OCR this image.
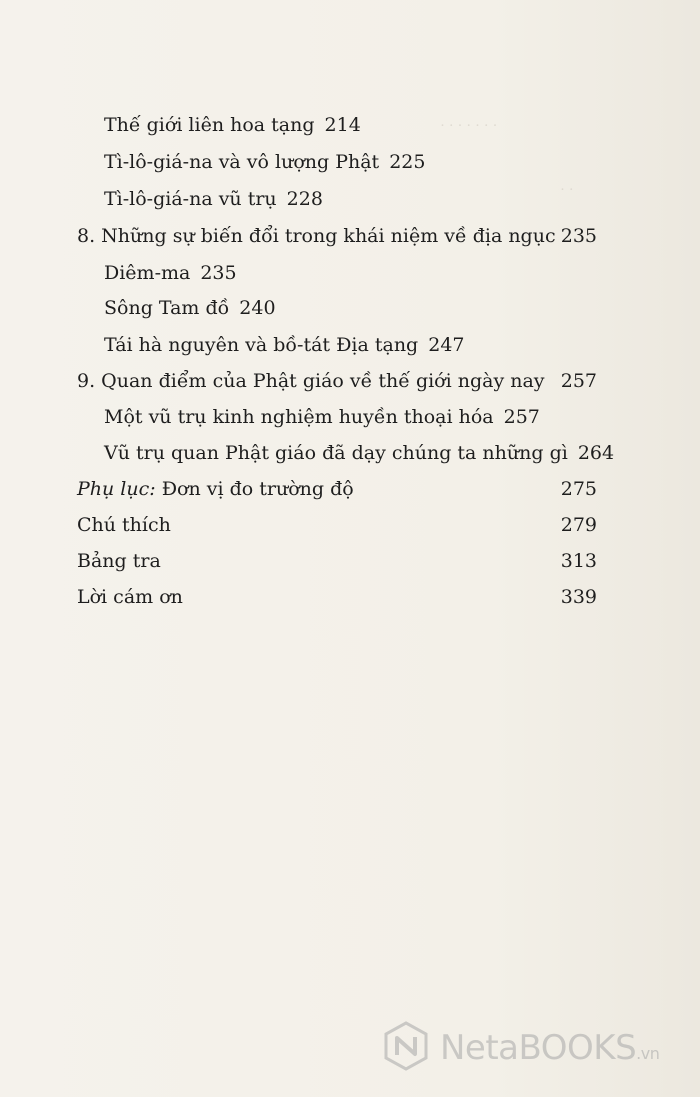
· · · · · · ·
· ·
Thế giới liên hoa tạng 214
Tì-lô-giá-na và vô lượng Phật 225
Tì-lô-giá-na vũ trụ 228
8. Những sự biến đổi trong khái niệm về địa ngục 235
Diêm-ma 235
Sông Tam đồ 240
Tái hà nguyên và bồ-tát Địa tạng 247
9. Quan điểm của Phật giáo về thế giới ngày nay 257
Một vũ trụ kinh nghiệm huyền thoại hóa 257
Vũ trụ quan Phật giáo đã dạy chúng ta những gì 264
Phụ lục: Đơn vị đo trường độ	275
Chú thích	279
Bảng tra	313
Lời cám ơn	339
NetaBOOKS.vn
